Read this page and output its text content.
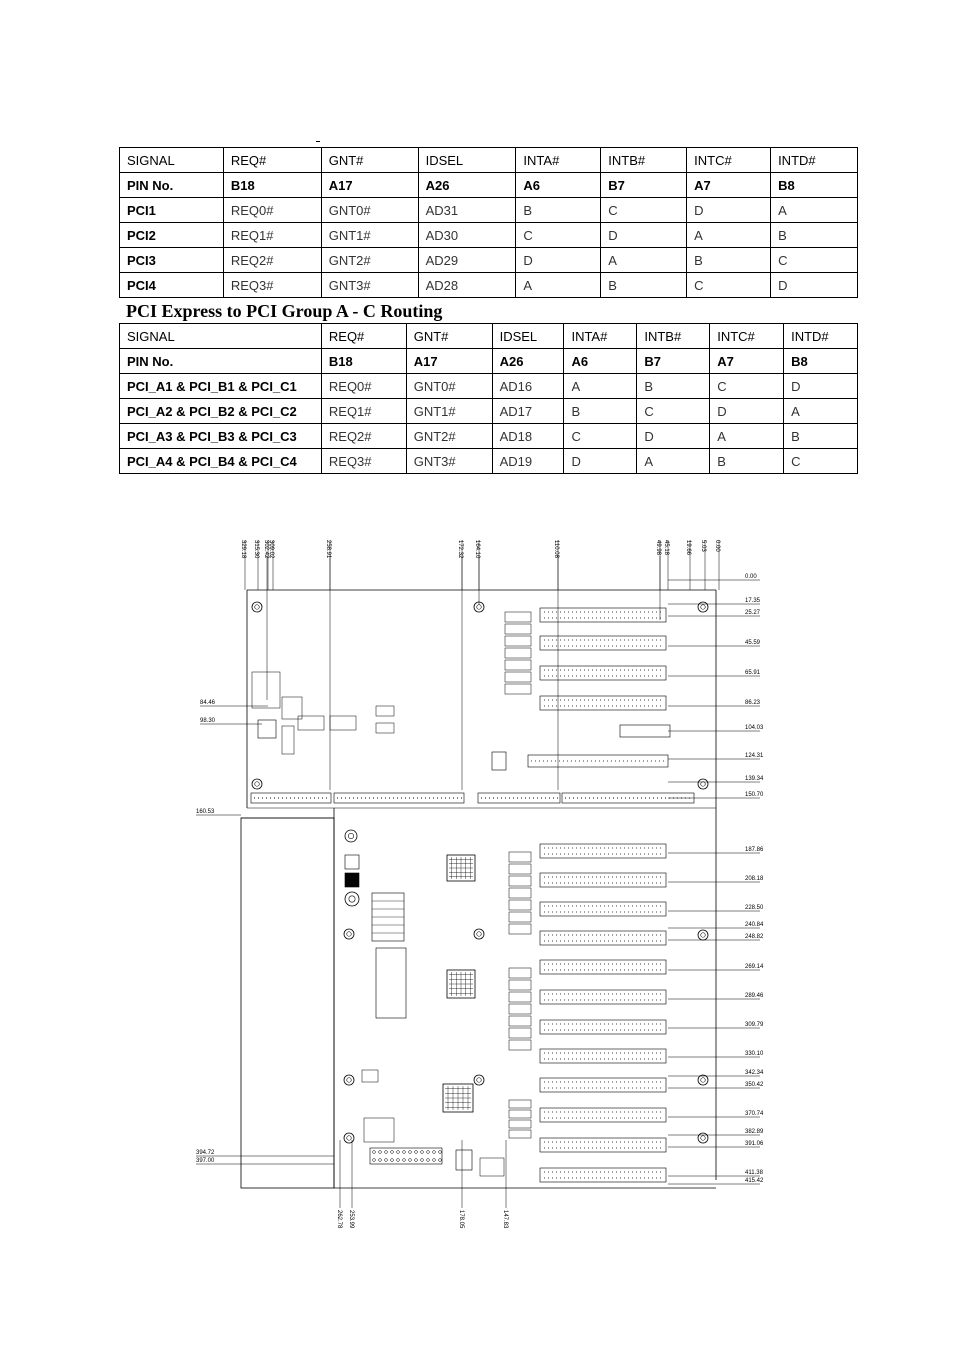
SIGNAL	REQ#	GNT#	IDSEL	INTA#	INTB#	INTC#	INTD#
PIN No.	B18	A17	A26	A6	B7	A7	B8
PCI1	REQ0#	GNT0#	AD31	B	C	D	A
PCI2	REQ1#	GNT1#	AD30	C	D	A	B
PCI3	REQ2#	GNT2#	AD29	D	A	B	C
PCI4	REQ3#	GNT3#	AD28	A	B	C	D

PCI Express to PCI Group A - C Routing

SIGNAL	REQ#	GNT#	IDSEL	INTA#	INTB#	INTC#	INTD#
PIN No.	B18	A17	A26	A6	B7	A7	B8
PCI_A1 & PCI_B1 & PCI_C1	REQ0#	GNT0#	AD16	A	B	C	D
PCI_A2 & PCI_B2 & PCI_C2	REQ1#	GNT1#	AD17	B	C	D	A
PCI_A3 & PCI_B3 & PCI_C3	REQ2#	GNT2#	AD18	C	D	A	B
PCI_A4 & PCI_B4 & PCI_C4	REQ3#	GNT3#	AD19	D	A	B	C
329.18 315.30 302.42 309.02	258.91	172.32 164.10	110.08	49.98 45.18	19.66 5.03 0.00
0.00
17.35
25.27
45.59
65.91
86.23
104.03
124.31
139.34
150.70
187.86
208.18
228.50
240.84
248.82
269.14
289.46
309.79
330.10
342.34
350.42
370.74
382.89
391.06
411.38
415.42
84.46
98.30
160.53
394.72
397.00
262.78 253.99	178.05	147.83
